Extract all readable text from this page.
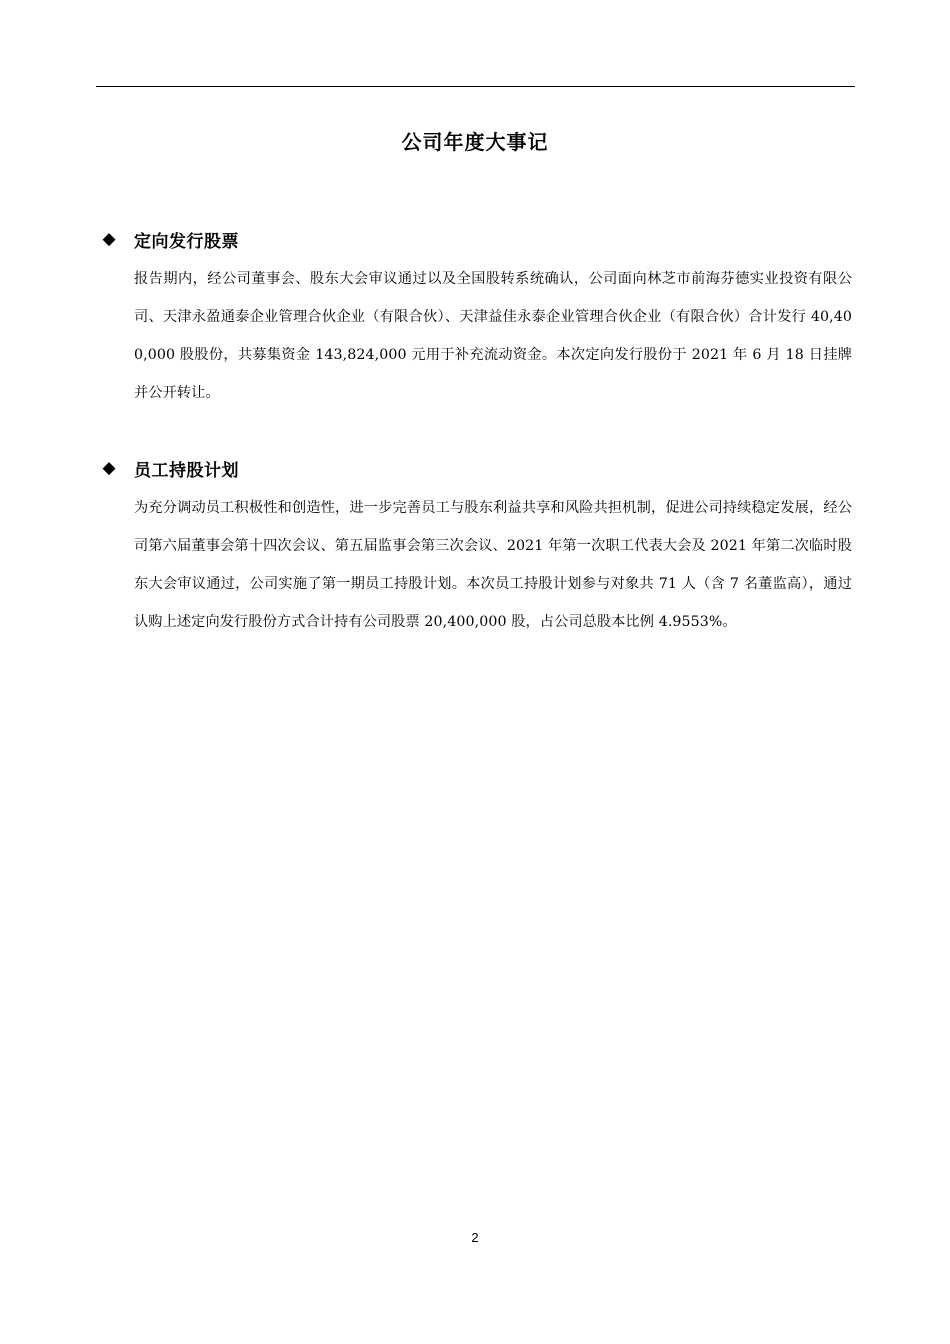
公司年度大事记
◆ 定向发行股票
报告期内，经公司董事会、股东大会审议通过以及全国股转系统确认，公司面向林芝市前海芬德实业投资有限公司、天津永盈通泰企业管理合伙企业（有限合伙）、天津益佳永泰企业管理合伙企业（有限合伙）合计发行 40,400,000 股股份，共募集资金 143,824,000 元用于补充流动资金。本次定向发行股份于 2021 年 6 月 18 日挂牌并公开转让。
◆ 员工持股计划
为充分调动员工积极性和创造性，进一步完善员工与股东利益共享和风险共担机制，促进公司持续稳定发展，经公司第六届董事会第十四次会议、第五届监事会第三次会议、2021 年第一次职工代表大会及 2021 年第二次临时股东大会审议通过，公司实施了第一期员工持股计划。本次员工持股计划参与对象共 71 人（含 7 名董监高），通过认购上述定向发行股份方式合计持有公司股票 20,400,000 股，占公司总股本比例 4.9553%。
2
